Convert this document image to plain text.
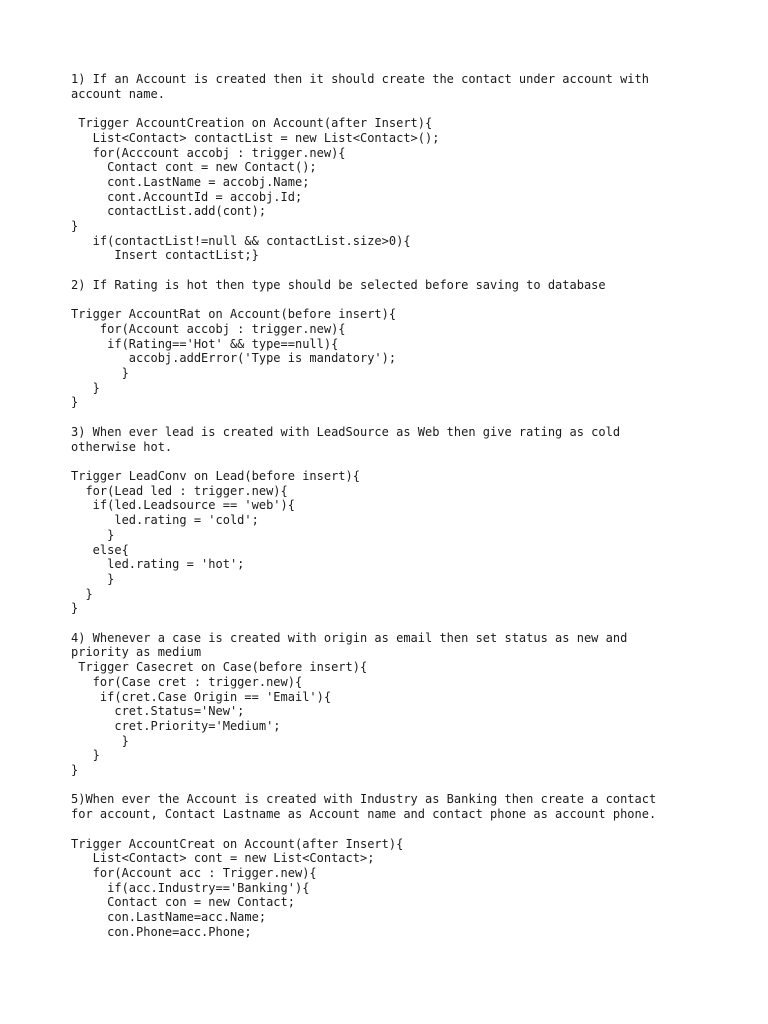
1) If an Account is created then it should create the contact under account with
account name.

Trigger AccountCreation on Account(after Insert){
List<Contact> contactList = new List<Contact>();
for(Acccount accobj : trigger.new){
Contact cont = new Contact();
cont.LastName = accobj.Name;
cont.AccountId = accobj.Id;
contactList.add(cont);
}
if(contactList!=null && contactList.size>0){
Insert contactList;}

2) If Rating is hot then type should be selected before saving to database

Trigger AccountRat on Account(before insert){
for(Account accobj : trigger.new){
if(Rating=='Hot' && type==null){
accobj.addError('Type is mandatory');
}
}
}

3) When ever lead is created with LeadSource as Web then give rating as cold
otherwise hot.

Trigger LeadConv on Lead(before insert){
for(Lead led : trigger.new){
if(led.Leadsource == 'web'){
led.rating = 'cold';
}
else{
led.rating = 'hot';
}
}
}

4) Whenever a case is created with origin as email then set status as new and
priority as medium
Trigger Casecret on Case(before insert){
for(Case cret : trigger.new){
if(cret.Case Origin == 'Email'){
cret.Status='New';
cret.Priority='Medium';
}
}
}

5)When ever the Account is created with Industry as Banking then create a contact
for account, Contact Lastname as Account name and contact phone as account phone.

Trigger AccountCreat on Account(after Insert){
List<Contact> cont = new List<Contact>;
for(Account acc : Trigger.new){
if(acc.Industry=='Banking'){
Contact con = new Contact;
con.LastName=acc.Name;
con.Phone=acc.Phone;
